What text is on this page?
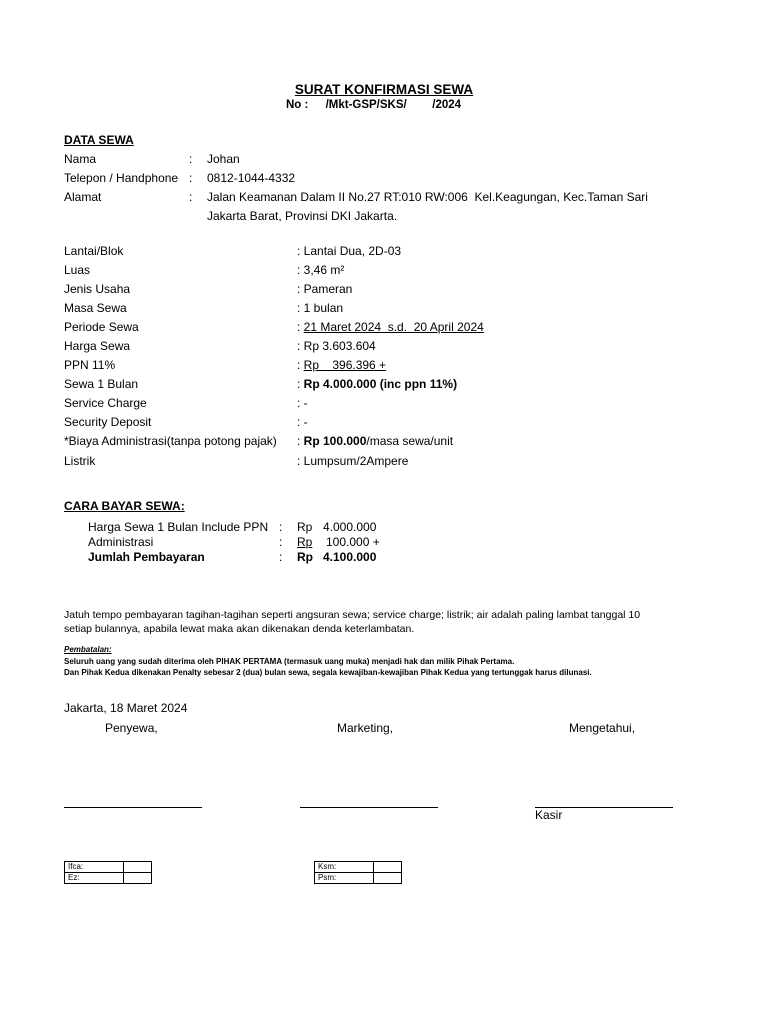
SURAT KONFIRMASI SEWA
No : /Mkt-GSP/SKS/        /2024
DATA SEWA
Nama	: Johan
Telepon / Handphone : 0812-1044-4332
Alamat	: Jalan Keamanan Dalam II No.27 RT:010 RW:006  Kel.Keagungan, Kec.Taman Sari
Jakarta Barat, Provinsi DKI Jakarta.
Lantai/Blok	: Lantai Dua, 2D-03
Luas	: 3,46 m²
Jenis Usaha	: Pameran
Masa Sewa	: 1 bulan
Periode Sewa	: 21 Maret 2024  s.d.  20 April 2024
Harga Sewa	: Rp 3.603.604
PPN 11%	: Rp    396.396 +
Sewa 1 Bulan	: Rp 4.000.000 (inc ppn 11%)
Service Charge	: -
Security Deposit	: -
*Biaya Administrasi(tanpa potong pajak) : Rp 100.000/masa sewa/unit
Listrik	: Lumpsum/2Ampere
CARA BAYAR SEWA:
Harga Sewa 1 Bulan Include PPN : Rp 4.000.000
Administrasi	: Rp 100.000 +
Jumlah Pembayaran	: Rp 4.100.000
Jatuh tempo pembayaran tagihan-tagihan seperti angsuran sewa; service charge; listrik; air adalah paling lambat tanggal 10
setiap bulannya, apabila lewat maka akan dikenakan denda keterlambatan.
Pembatalan:
Seluruh uang yang sudah diterima oleh PIHAK PERTAMA (termasuk uang muka) menjadi hak dan milik Pihak Pertama.
Dan Pihak Kedua dikenakan Penalty sebesar 2 (dua) bulan sewa, segala kewajiban-kewajiban Pihak Kedua yang tertunggak harus dilunasi.
Jakarta, 18 Maret 2024
Penyewa,	Marketing,	Mengetahui,
Kasir
Ifca:	
Ez:	
Ksm:	
Psm:	
